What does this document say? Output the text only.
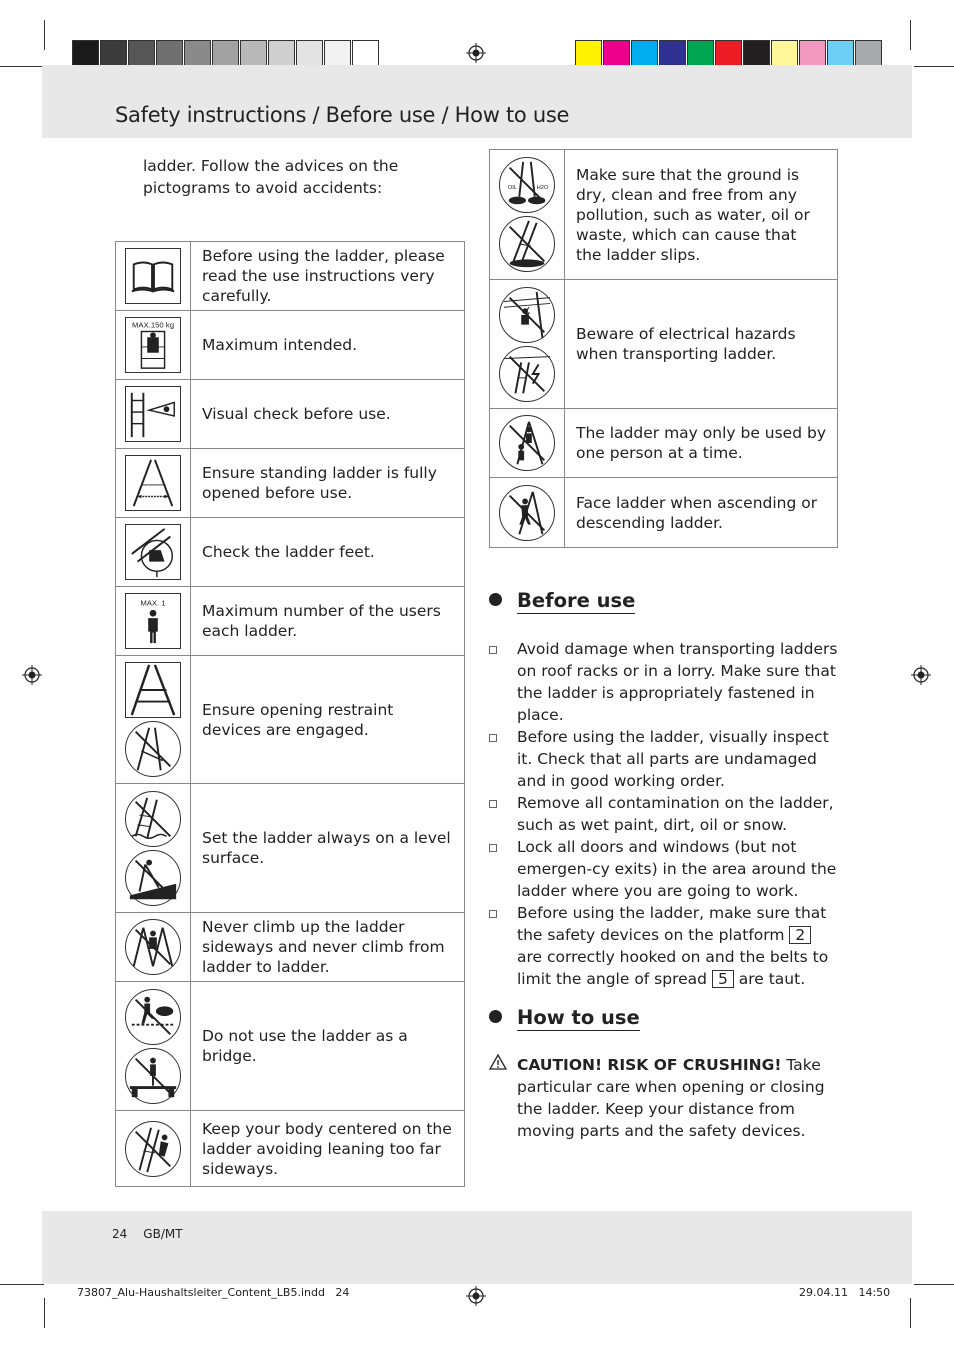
Safety instructions / Before use / How to use
ladder. Follow the advices on the pictograms to avoid accidents:
	Before using the ladder, please read the use instructions very carefully.

MAX.150 kg	Maximum intended.

	Visual check before use.

	Ensure standing ladder is fully opened before use.

	Check the ladder feet.

MAX. 1	Maximum number of the users each ladder.

	Ensure opening restraint devices are engaged.

	Set the ladder always on a level surface.

	Never climb up the ladder sideways and never climb from ladder to ladder.

	Do not use the ladder as a bridge.

	Keep your body centered on the ladder avoiding leaning too far sideways.
OIL H2O	Make sure that the ground is dry, clean and free from any pollution, such as water, oil or waste, which can cause that the ladder slips.

	Beware of electrical hazards when transporting ladder.

	The ladder may only be used by one person at a time.

	Face ladder when ascending or descending ladder.
Before use
Avoid damage when transporting ladders on roof racks or in a lorry. Make sure that the ladder is appropriately fastened in place.
Before using the ladder, visually inspect it. Check that all parts are undamaged and in good working order.
Remove all contamination on the ladder, such as wet paint, dirt, oil or snow.
Lock all doors and windows (but not emergen-cy exits) in the area around the ladder where you are going to work.
Before using the ladder, make sure that the safety devices on the platform 2 are correctly hooked on and the belts to limit the angle of spread 5 are taut.
How to use
CAUTION! RISK OF CRUSHING! Take particular care when opening or closing the ladder. Keep your distance from moving parts and the safety devices.
24 GB/MT
73807_Alu-Haushaltsleiter_Content_LB5.indd   24	29.04.11   14:50
